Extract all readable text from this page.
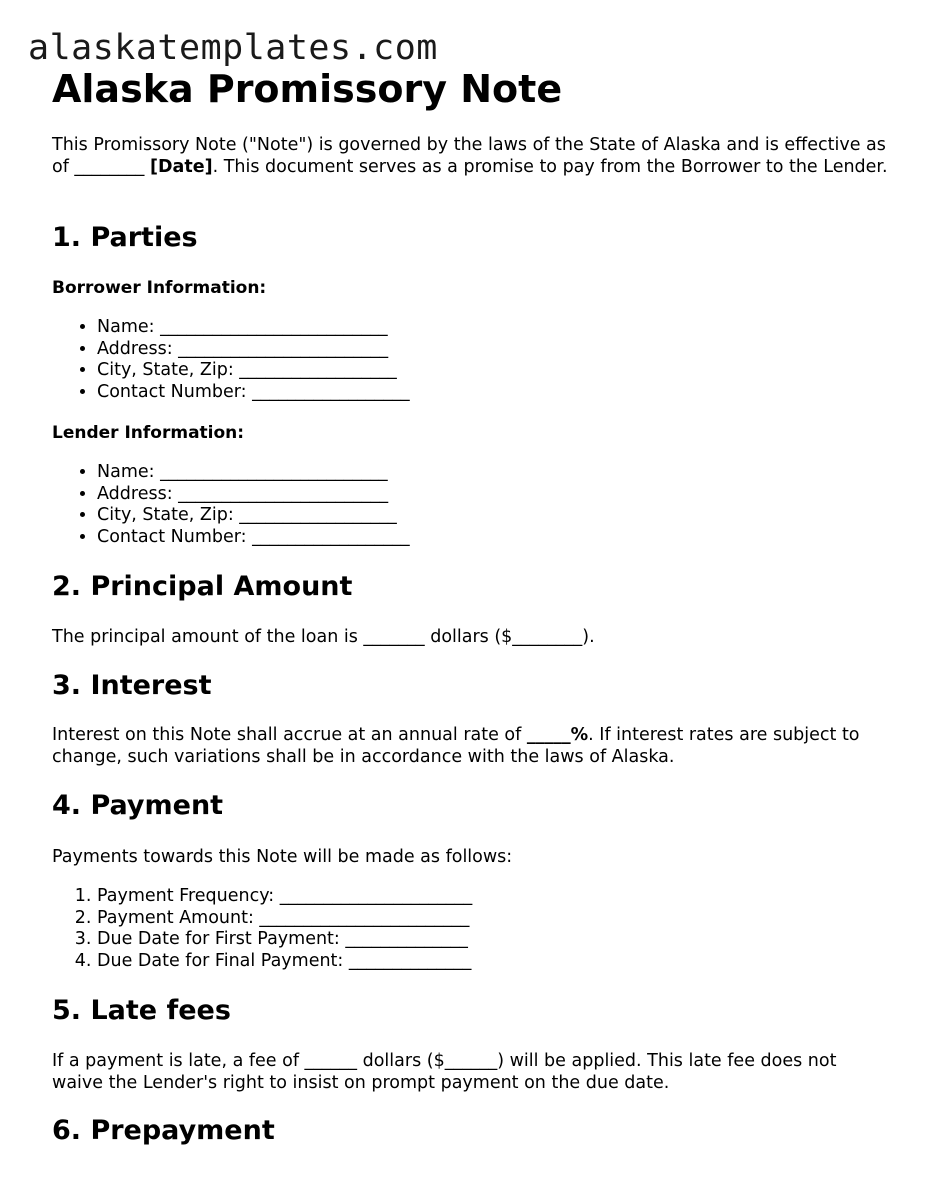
alaskatemplates.com
Alaska Promissory Note

This Promissory Note ("Note") is governed by the laws of the State of Alaska and is effective as of ________ [Date]. This document serves as a promise to pay from the Borrower to the Lender.

1. Parties
Borrower Information:
• Name: __________________________
• Address: ________________________
• City, State, Zip: __________________
• Contact Number: __________________
Lender Information:
• Name: __________________________
• Address: ________________________
• City, State, Zip: __________________
• Contact Number: __________________
2. Principal Amount

The principal amount of the loan is _______ dollars ($________).

3. Interest

Interest on this Note shall accrue at an annual rate of _____%. If interest rates are subject to change, such variations shall be in accordance with the laws of Alaska.

4. Payment

Payments towards this Note will be made as follows:

1. Payment Frequency: ______________________
2. Payment Amount: ________________________
3. Due Date for First Payment: ______________
4. Due Date for Final Payment: ______________
5. Late fees

If a payment is late, a fee of ______ dollars ($______) will be applied. This late fee does not waive the Lender's right to insist on prompt payment on the due date.

6. Prepayment
